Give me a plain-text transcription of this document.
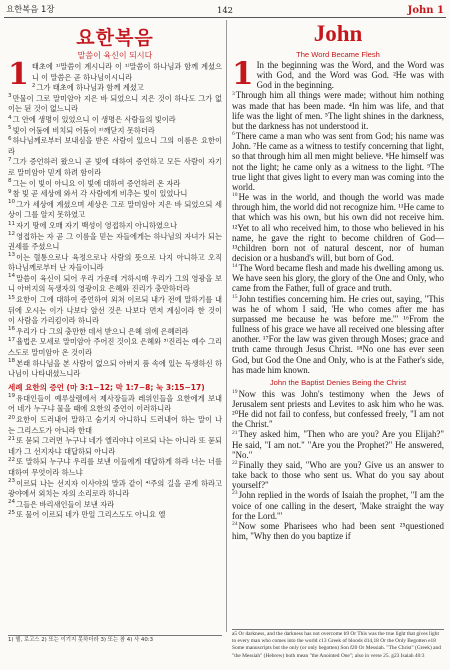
요한복음 1장	142	John 1
요한복음
말씀이 육신이 되시다
1 태초에 ¹⁾말씀이 계시니라 이 ¹⁾말씀이 하나님과 함께 계셨으니 이 말씀은 곧 하나님이시니라
$^2$그가 태초에 하나님과 함께 계셨고
$^3$만물이 그로 말미암아 지은 바 되었으니 지은 것이 하나도 그가 없이는 된 것이 없느니라
$^4$그 안에 생명이 있었으니 이 생명은 사람들의 빛이라
$^5$빛이 어둠에 비치되 어둠이 ²⁾깨닫지 못하더라
$^6$하나님께로부터 보내심을 받은 사람이 있으니 그의 이름은 요한이라
$^7$그가 증언하러 왔으니 곧 빛에 대하여 증언하고 모든 사람이 자기로 말미암아 믿게 하려 함이라
$^8$그는 이 빛이 아니요 이 빛에 대하여 증언하러 온 자라
$^9$참 빛 곧 세상에 와서 각 사람에게 비추는 빛이 있었나니
$^{10}$그가 세상에 계셨으며 세상은 그로 말미암아 지은 바 되었으되 세상이 그를 알지 못하였고
$^{11}$자기 땅에 오매 자기 백성이 영접하지 아니하였으나
$^{12}$영접하는 자 곧 그 이름을 믿는 자들에게는 하나님의 자녀가 되는 권세를 주셨으니
$^{13}$이는 혈통으로나 육정으로나 사람의 뜻으로 나지 아니하고 오직 하나님께로부터 난 자들이니라
$^{14}$말씀이 육신이 되어 우리 가운데 거하시매 우리가 그의 영광을 보니 아버지의 독생자의 영광이요 은혜와 진리가 충만하더라
$^{15}$요한이 그에 대하여 증언하여 외쳐 이르되 내가 전에 말하기를 내 뒤에 오시는 이가 나보다 앞선 것은 나보다 먼저 계심이라 한 것이 이 사람을 가리킴이라 하니라
$^{16}$우리가 다 그의 충만한 데서 받으니 은혜 위에 은혜러라
$^{17}$율법은 모세로 말미암아 주어진 것이요 은혜와 ³⁾진리는 예수 그리스도로 말미암아 온 것이라
$^{18}$본래 하나님을 본 사람이 없으되 아버지 품 속에 있는 독생하신 하나님이 나타내셨느니라
세례 요한의 증언 (마 3:1−12; 막 1:7−8; 눅 3:15−17)
$^{19}$유대인들이 예루살렘에서 제사장들과 레위인들을 요한에게 보내어 네가 누구냐 물을 때에 요한의 증언이 이러하니라
$^{20}$요한이 드러내어 말하고 숨기지 아니하니 드러내어 하는 말이 나는 그리스도가 아니라 한대
$^{21}$또 묻되 그러면 누구냐 네가 엘리야냐 이르되 나는 아니라 또 묻되 네가 그 선지자냐 대답하되 아니라
$^{22}$또 말하되 누구냐 우리를 보낸 이들에게 대답하게 하라 너는 너를 대하여 무엇이라 하느냐
$^{23}$이르되 나는 선지자 이사야의 말과 같이 ⁴⁾주의 길을 곧게 하라고 광야에서 외치는 자의 소리로라 하니라
$^{24}$그들은 바리새인들이 보낸 자라
$^{25}$또 물어 이르되 네가 만일 그리스도도 아니요 엘
John
The Word Became Flesh
1 In the beginning was the Word, and the Word was with God, and the Word was God. ²He was with God in the beginning.
$^3$Through him all things were made; without him nothing was made that has been made. ⁴In him was life, and that life was the light of men. ⁵The light shines in the darkness, but the darkness has not understood it.
$^6$There came a man who was sent from God; his name was John. ⁷He came as a witness to testify concerning that light, so that through him all men might believe. ⁸He himself was not the light; he came only as a witness to the light. ⁹The true light that gives light to every man was coming into the world.
$^{10}$He was in the world, and though the world was made through him, the world did not recognize him. ¹¹He came to that which was his own, but his own did not receive him. ¹²Yet to all who received him, to those who believed in his name, he gave the right to become children of God— ¹³children born not of natural descent, nor of human decision or a husband's will, but born of God.
$^{14}$The Word became flesh and made his dwelling among us. We have seen his glory, the glory of the One and Only, who came from the Father, full of grace and truth.
$^{15}$John testifies concerning him. He cries out, saying, "This was he of whom I said, 'He who comes after me has surpassed me because he was before me.'" ¹⁶From the fullness of his grace we have all received one blessing after another. ¹⁷For the law was given through Moses; grace and truth came through Jesus Christ. ¹⁸No one has ever seen God, but God the One and Only, who is at the Father's side, has made him known.
John the Baptist Denies Being the Christ
$^{19}$Now this was John's testimony when the Jews of Jerusalem sent priests and Levites to ask him who he was. ²⁰He did not fail to confess, but confessed freely, "I am not the Christ."
$^{21}$They asked him, "Then who are you? Are you Elijah?" He said, "I am not." "Are you the Prophet?" He answered, "No."
$^{22}$Finally they said, "Who are you? Give us an answer to take back to those who sent us. What do you say about yourself?"
$^{23}$John replied in the words of Isaiah the prophet, "I am the voice of one calling in the desert, 'Make straight the way for the Lord.'"
$^{24}$Now some Pharisees who had been sent ²⁵questioned him, "Why then do you baptize if
1) 헬, 로고스 2) 또는 이기지 못하더라 3) 또는 참 4) 사 40:3
a5 Or darkness, and the darkness has not overcome b9 Or This was the true light that gives light to every man who comes into the world c13 Greek of bloods d14,18 Or the Only Begotten e18 Some manuscripts but the only (or only begotten) Son f20 Or Messiah. "The Christ" (Greek) and "the Messiah" (Hebrew) both mean "the Anointed One"; also in verse 25. g23 Isaiah 40:3
